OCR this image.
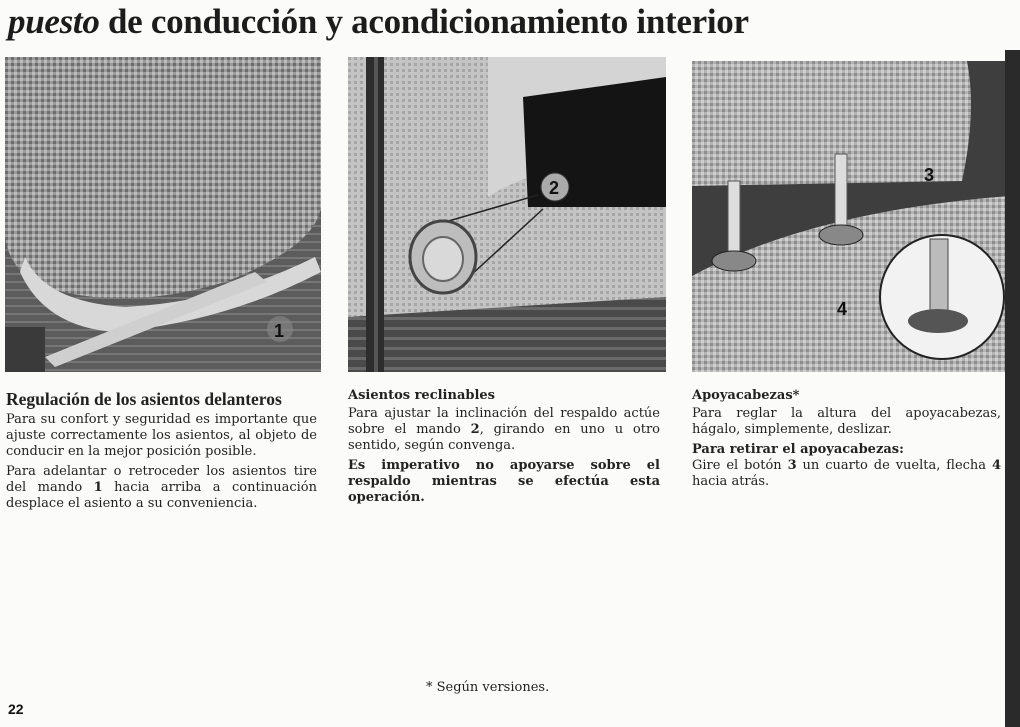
puesto de conducción y acondicionamiento interior
1
2
3
4
Regulación de los asientos delanteros

Para su confort y seguridad es importante que ajuste correctamente los asientos, al objeto de conducir en la mejor posición posible.

Para adelantar o retroceder los asientos tire del mando 1 hacia arriba a continuación desplace el asiento a su conveniencia.

Asientos reclinables

Para ajustar la inclinación del respaldo actúe sobre el mando 2, girando en uno u otro sentido, según convenga.

Es imperativo no apoyarse sobre el respaldo mientras se efectúa esta operación.

Apoyacabezas*

Para reglar la altura del apoyacabezas, hágalo, simplemente, deslizar.

Para retirar el apoyacabezas:

Gire el botón 3 un cuarto de vuelta, flecha 4 hacia atrás.

* Según versiones.
22
